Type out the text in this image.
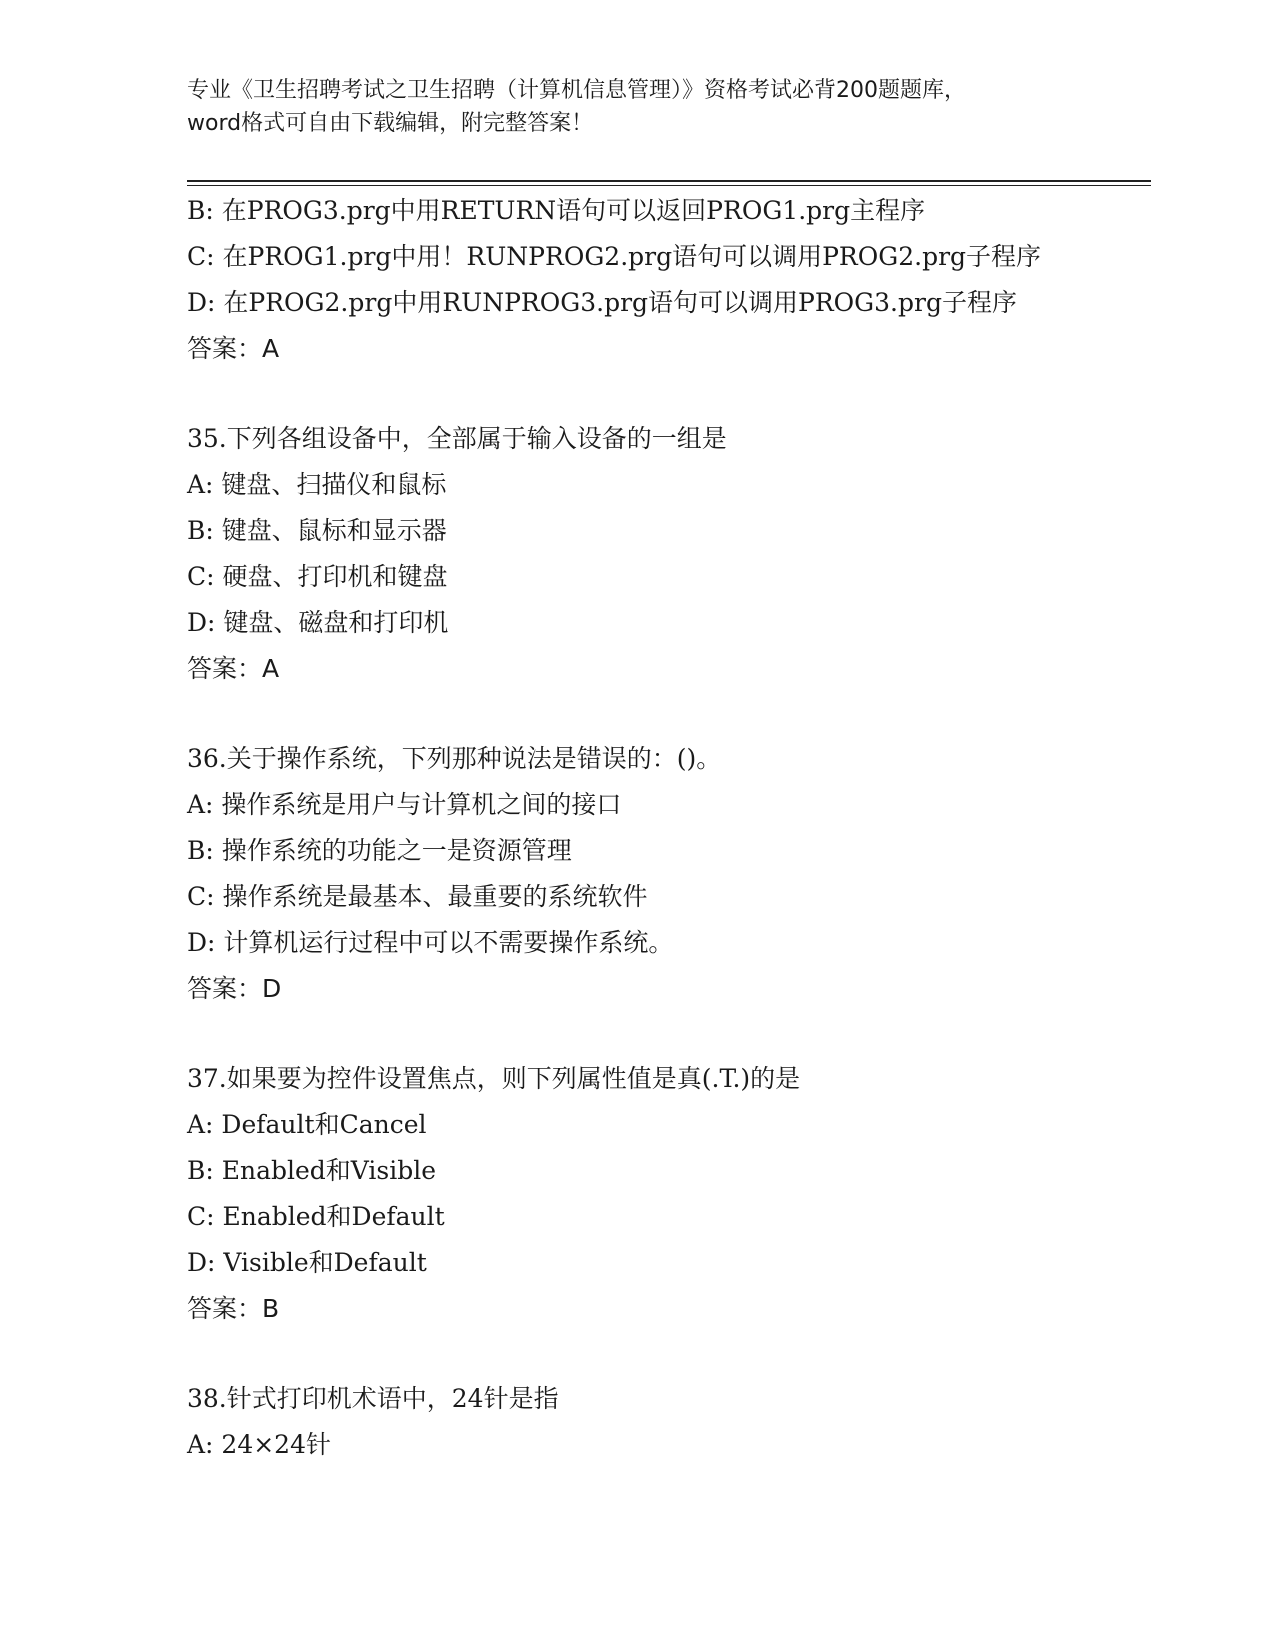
专业《卫生招聘考试之卫生招聘（计算机信息管理）》资格考试必背200题题库，
word格式可自由下载编辑，附完整答案！
B: 在PROG3.prg中用RETURN语句可以返回PROG1.prg主程序
C: 在PROG1.prg中用！RUNPROG2.prg语句可以调用PROG2.prg子程序
D: 在PROG2.prg中用RUNPROG3.prg语句可以调用PROG3.prg子程序
答案：A
35.下列各组设备中，全部属于输入设备的一组是
A: 键盘、扫描仪和鼠标
B: 键盘、鼠标和显示器
C: 硬盘、打印机和键盘
D: 键盘、磁盘和打印机
答案：A
36.关于操作系统，下列那种说法是错误的：()。
A: 操作系统是用户与计算机之间的接口
B: 操作系统的功能之一是资源管理
C: 操作系统是最基本、最重要的系统软件
D: 计算机运行过程中可以不需要操作系统。
答案：D
37.如果要为控件设置焦点，则下列属性值是真(.T.)的是
A: Default和Cancel
B: Enabled和Visible
C: Enabled和Default
D: Visible和Default
答案：B
38.针式打印机术语中，24针是指
A: 24×24针
